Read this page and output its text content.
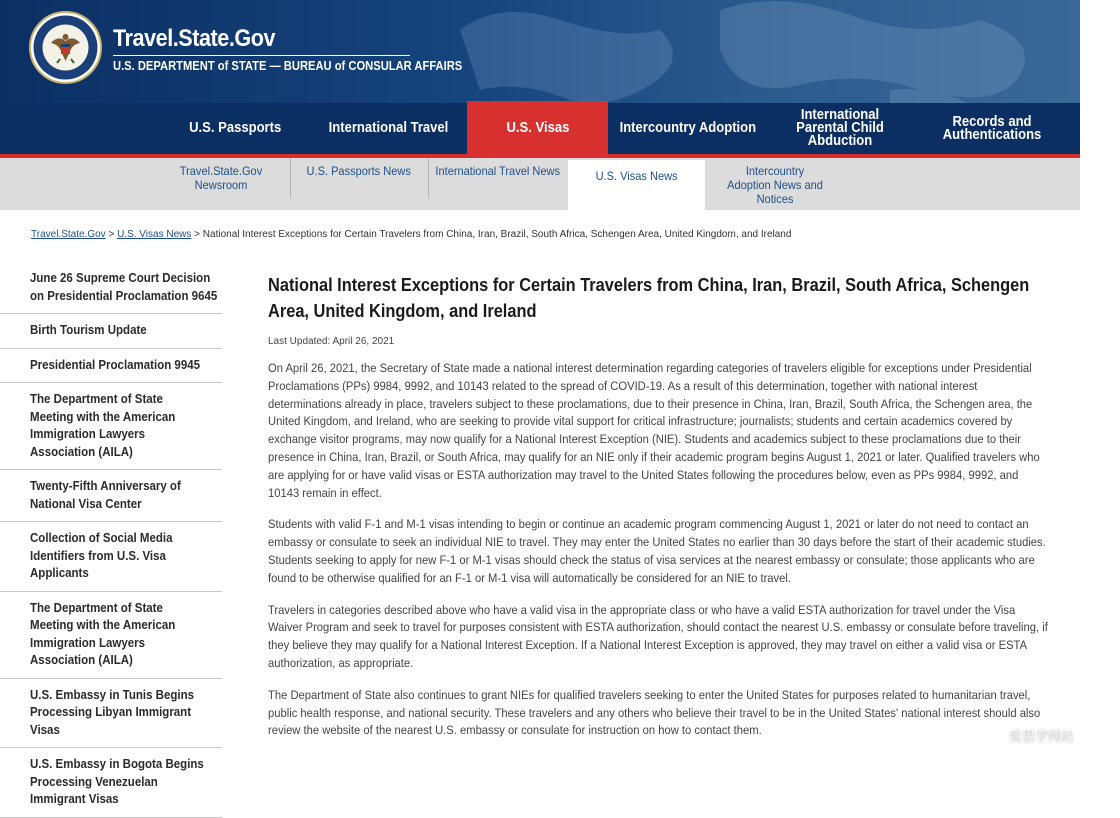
Travel.State.Gov
U.S. DEPARTMENT of STATE — BUREAU of CONSULAR AFFAIRS
U.S. Passports	International Travel	U.S. Visas	Intercountry Adoption
International Parental Child Abduction
Records and Authentications
Travel.State.Gov Newsroom
U.S. Passports News International Travel News	U.S. Visas News	Intercountry Adoption News and Notices
Travel.State.Gov > U.S. Visas News > National Interest Exceptions for Certain Travelers from China, Iran, Brazil, South Africa, Schengen Area, United Kingdom, and Ireland
June 26 Supreme Court Decision on Presidential Proclamation 9645
Birth Tourism Update
Presidential Proclamation 9945
The Department of State Meeting with the American Immigration Lawyers Association (AILA)
Twenty-Fifth Anniversary of National Visa Center
Collection of Social Media Identifiers from U.S. Visa Applicants
The Department of State Meeting with the American Immigration Lawyers Association (AILA)
U.S. Embassy in Tunis Begins Processing Libyan Immigrant Visas
U.S. Embassy in Bogota Begins Processing Venezuelan Immigrant Visas
National Interest Exceptions for Certain Travelers from China, Iran, Brazil, South Africa, Schengen Area, United Kingdom, and Ireland
Last Updated: April 26, 2021
On April 26, 2021, the Secretary of State made a national interest determination regarding categories of travelers eligible for exceptions under Presidential Proclamations (PPs) 9984, 9992, and 10143 related to the spread of COVID-19. As a result of this determination, together with national interest determinations already in place, travelers subject to these proclamations, due to their presence in China, Iran, Brazil, South Africa, the Schengen area, the United Kingdom, and Ireland, who are seeking to provide vital support for critical infrastructure; journalists; students and certain academics covered by exchange visitor programs, may now qualify for a National Interest Exception (NIE). Students and academics subject to these proclamations due to their presence in China, Iran, Brazil, or South Africa, may qualify for an NIE only if their academic program begins August 1, 2021 or later. Qualified travelers who are applying for or have valid visas or ESTA authorization may travel to the United States following the procedures below, even as PPs 9984, 9992, and 10143 remain in effect.
Students with valid F-1 and M-1 visas intending to begin or continue an academic program commencing August 1, 2021 or later do not need to contact an embassy or consulate to seek an individual NIE to travel. They may enter the United States no earlier than 30 days before the start of their academic studies. Students seeking to apply for new F-1 or M-1 visas should check the status of visa services at the nearest embassy or consulate; those applicants who are found to be otherwise qualified for an F-1 or M-1 visa will automatically be considered for an NIE to travel.
Travelers in categories described above who have a valid visa in the appropriate class or who have a valid ESTA authorization for travel under the Visa Waiver Program and seek to travel for purposes consistent with ESTA authorization, should contact the nearest U.S. embassy or consulate before traveling, if they believe they may qualify for a National Interest Exception. If a National Interest Exception is approved, they may travel on either a valid visa or ESTA authorization, as appropriate.
The Department of State also continues to grant NIEs for qualified travelers seeking to enter the United States for purposes related to humanitarian travel, public health response, and national security. These travelers and any others who believe their travel to be in the United States' national interest should also review the website of the nearest U.S. embassy or consulate for instruction on how to contact them.	爱思学网站
